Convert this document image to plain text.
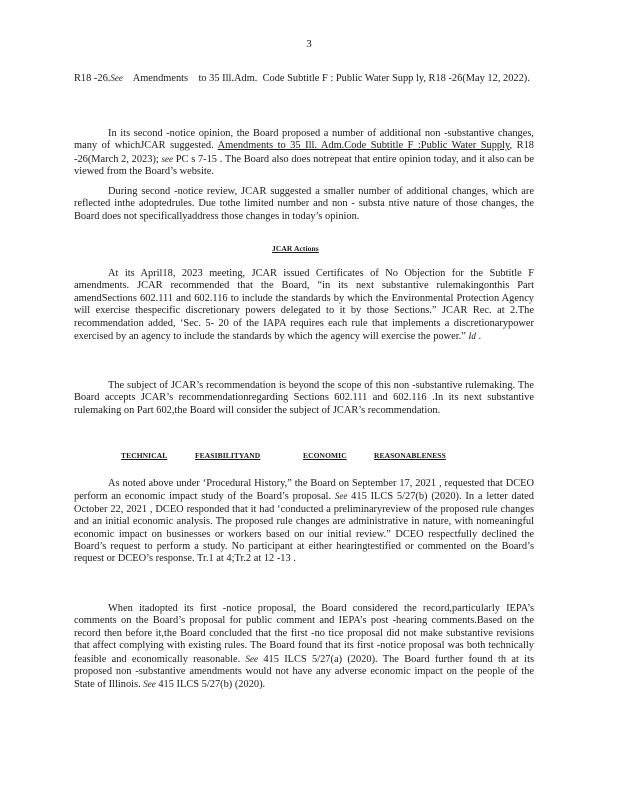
3
R18 -26.See    Amendments    to 35 Ill.Adm.  Code Subtitle F : Public Water Supp ly, R18 -26(May 12, 2022).
In its second -notice opinion, the Board proposed a number of additional non -substantive changes, many of whichJCAR suggested. Amendments to 35 Ill. Adm.Code Subtitle F :Public Water Supply, R18 -26(March 2, 2023); see PC s 7-15 . The Board also does notrepeat that entire opinion today, and it also can be viewed from the Board’s website.
During second -notice review, JCAR suggested a smaller number of additional changes, which are reflected inthe adoptedrules. Due tothe limited number and non - substa ntive nature of those changes, the Board does not specificallyaddress those changes in today’s opinion.
JCAR Actions
At its April18, 2023 meeting, JCAR issued Certificates of No Objection for the Subtitle F amendments. JCAR recommended that the Board, “in its next substantive rulemakingonthis Part amendSections 602.111 and 602.116 to include the standards by which the Environmental Protection Agency will exercise thespecific discretionary powers delegated to it by those Sections.” JCAR Rec. at 2.The recommendation added, ‘Sec. 5- 20 of the IAPA requires each rule that implements a discretionarypower exercised by an agency to include the standards by which the agency will exercise the power.” Id .
The subject of JCAR’s recommendation is beyond the scope of this non -substantive rulemaking. The Board accepts JCAR’s recommendationregarding Sections 602.111 and 602.116 .In its next substantive rulemaking on Part 602,the Board will consider the subject of JCAR’s recommendation.
TECHNICAL	FEASIBILITYAND	ECONOMIC	REASONABLENESS
As noted above under ‘Procedural History,” the Board on September 17, 2021 , requested that DCEO perform an economic impact study of the Board’s proposal. See 415 ILCS 5/27(b) (2020). In a letter dated October 22, 2021 , DCEO responded that it had ‘conducted a preliminaryreview of the proposed rule changes and an initial economic analysis. The proposed rule changes are administrative in nature, with nomeaningful economic impact on businesses or workers based on our initial review.” DCEO respectfully declined the Board’s request to perform a study. No participant at either hearingtestified or commented on the Board’s request or DCEO’s response. Tr.1 at 4;Tr.2 at 12 -13 .
When itadopted its first -notice proposal, the Board considered the record,particularly IEPA’s comments on the Board’s proposal for public comment and IEPA’s post -hearing comments.Based on the record then before it,the Board concluded that the first -no tice proposal did not make substantive revisions that affect complying with existing rules. The Board found that its first -notice proposal was both technically feasible and economically reasonable. See 415 ILCS 5/27(a) (2020). The Board further found th at its proposed non -substantive amendments would not have any adverse economic impact on the people of the State of Illinois. See 415 ILCS 5/27(b) (2020).
